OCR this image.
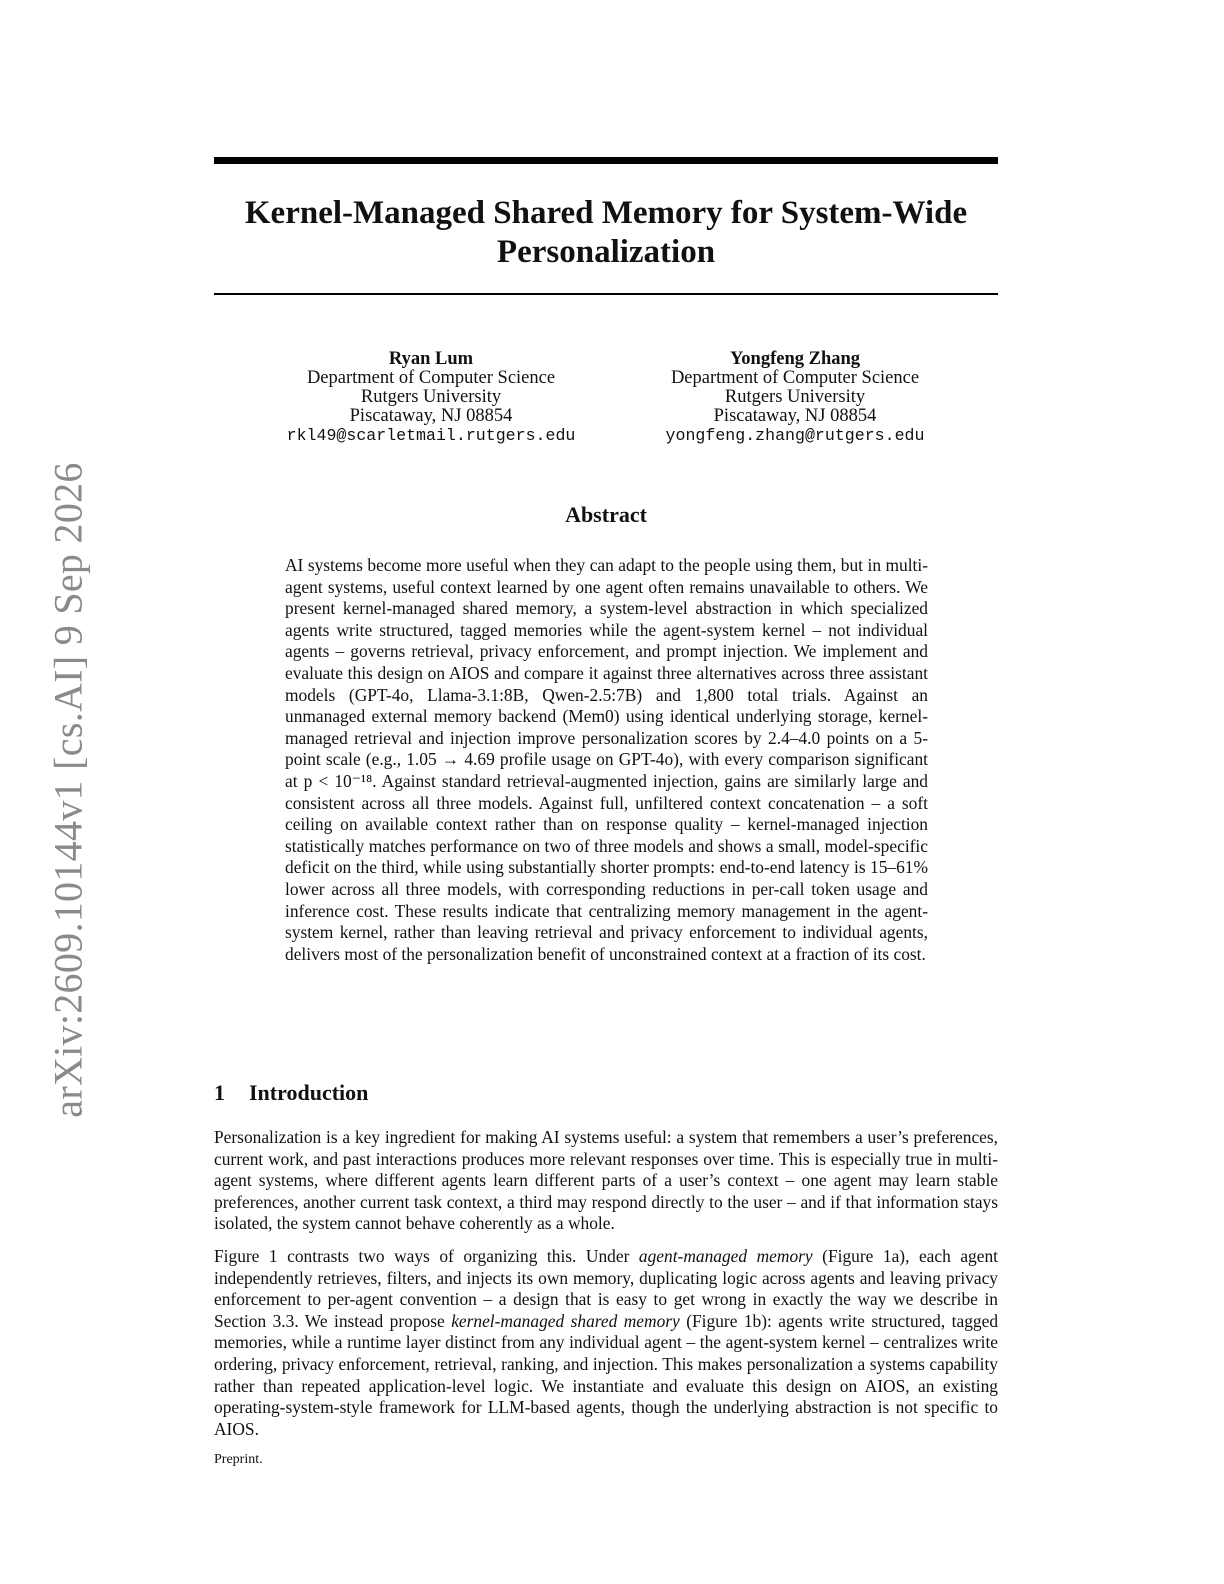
arXiv:2609.10144v1 [cs.AI] 9 Sep 2026
Kernel-Managed Shared Memory for System-Wide Personalization
Ryan Lum
Department of Computer Science
Rutgers University
Piscataway, NJ 08854
rkl49@scarletmail.rutgers.edu
Yongfeng Zhang
Department of Computer Science
Rutgers University
Piscataway, NJ 08854
yongfeng.zhang@rutgers.edu
Abstract

AI systems become more useful when they can adapt to the people using them, but in multi-agent systems, useful context learned by one agent often remains unavailable to others. We present kernel-managed shared memory, a system-level abstraction in which specialized agents write structured, tagged memories while the agent-system kernel – not individual agents – governs retrieval, privacy enforcement, and prompt injection. We implement and evaluate this design on AIOS and compare it against three alternatives across three assistant models (GPT-4o, Llama-3.1:8B, Qwen-2.5:7B) and 1,800 total trials. Against an unmanaged external memory backend (Mem0) using identical underlying storage, kernel-managed retrieval and injection improve personalization scores by 2.4–4.0 points on a 5-point scale (e.g., 1.05 → 4.69 profile usage on GPT-4o), with every comparison significant at p < 10⁻¹⁸. Against standard retrieval-augmented injection, gains are similarly large and consistent across all three models. Against full, unfiltered context concatenation – a soft ceiling on available context rather than on response quality – kernel-managed injection statistically matches performance on two of three models and shows a small, model-specific deficit on the third, while using substantially shorter prompts: end-to-end latency is 15–61% lower across all three models, with corresponding reductions in per-call token usage and inference cost. These results indicate that centralizing memory management in the agent-system kernel, rather than leaving retrieval and privacy enforcement to individual agents, delivers most of the personalization benefit of unconstrained context at a fraction of its cost.

1 Introduction

Personalization is a key ingredient for making AI systems useful: a system that remembers a user’s preferences, current work, and past interactions produces more relevant responses over time. This is especially true in multi-agent systems, where different agents learn different parts of a user’s context – one agent may learn stable preferences, another current task context, a third may respond directly to the user – and if that information stays isolated, the system cannot behave coherently as a whole.

Figure 1 contrasts two ways of organizing this. Under agent-managed memory (Figure 1a), each agent independently retrieves, filters, and injects its own memory, duplicating logic across agents and leaving privacy enforcement to per-agent convention – a design that is easy to get wrong in exactly the way we describe in Section 3.3. We instead propose kernel-managed shared memory (Figure 1b): agents write structured, tagged memories, while a runtime layer distinct from any individual agent – the agent-system kernel – centralizes write ordering, privacy enforcement, retrieval, ranking, and injection. This makes personalization a systems capability rather than repeated application-level logic. We instantiate and evaluate this design on AIOS, an existing operating-system-style framework for LLM-based agents, though the underlying abstraction is not specific to AIOS.

Preprint.
